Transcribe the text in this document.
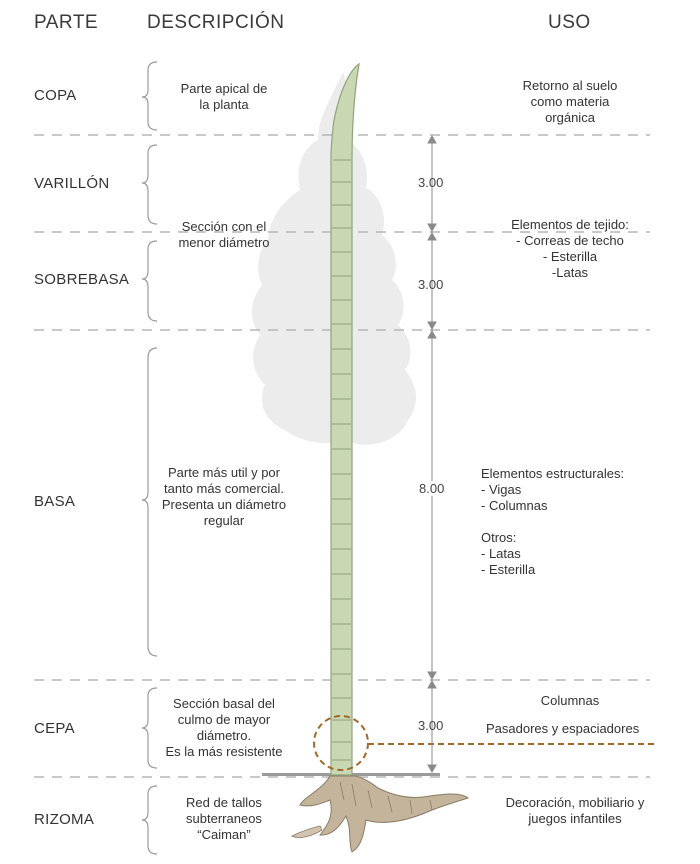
PARTE	DESCRIPCIÓN	USO
COPA
VARILLÓN
SOBREBASA
BASA
CEPA
RIZOMA
Parte apical de
la planta
Sección con el
menor diámetro
Parte más util y por
tanto más comercial.
Presenta un diámetro
regular
Sección basal del
culmo de mayor
diámetro.
Es la más resistente
Red de tallos
subterraneos
“Caiman”
3.00
3.00
8.00
3.00
Retorno al suelo
como materia
orgánica
Elementos de tejido:
- Correas de techo
- Esterilla
-Latas
Elementos estructurales:
- Vigas
- Columnas

Otros:
- Latas
- Esterilla
Columnas
Pasadores y espaciadores
Decoración, mobiliario y
juegos infantiles
